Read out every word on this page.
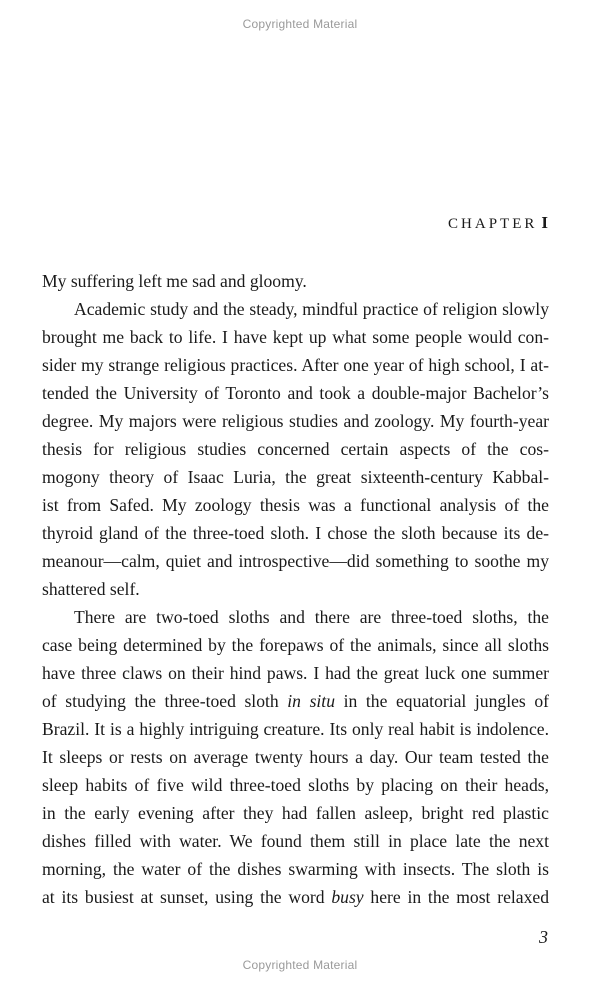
Copyrighted Material
CHAPTER I
My suffering left me sad and gloomy.
Academic study and the steady, mindful practice of religion slowly
brought me back to life. I have kept up what some people would con-
sider my strange religious practices. After one year of high school, I at-
tended the University of Toronto and took a double-major Bachelor’s
degree. My majors were religious studies and zoology. My fourth-year
thesis for religious studies concerned certain aspects of the cos-
mogony theory of Isaac Luria, the great sixteenth-century Kabbal-
ist from Safed. My zoology thesis was a functional analysis of the
thyroid gland of the three-toed sloth. I chose the sloth because its de-
meanour—calm, quiet and introspective—did something to soothe my
shattered self.
There are two-toed sloths and there are three-toed sloths, the
case being determined by the forepaws of the animals, since all sloths
have three claws on their hind paws. I had the great luck one summer
of studying the three-toed sloth in situ in the equatorial jungles of
Brazil. It is a highly intriguing creature. Its only real habit is indolence.
It sleeps or rests on average twenty hours a day. Our team tested the
sleep habits of five wild three-toed sloths by placing on their heads,
in the early evening after they had fallen asleep, bright red plastic
dishes filled with water. We found them still in place late the next
morning, the water of the dishes swarming with insects. The sloth is
at its busiest at sunset, using the word busy here in the most relaxed
3
Copyrighted Material
